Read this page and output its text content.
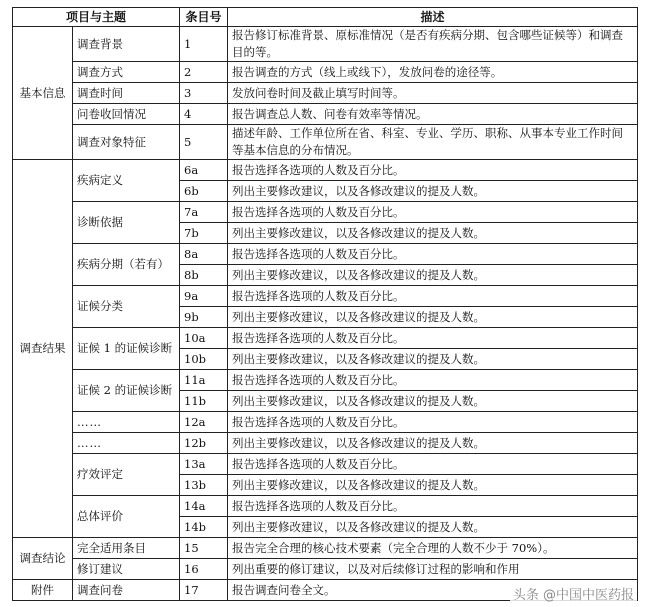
项目与主题		条目号	描述
基本信息	调查背景	1	报告修订标准背景、原标准情况（是否有疾病分期、包含哪些证候等）和调查目的等。
	调查方式	2	报告调查的方式（线上或线下），发放问卷的途径等。
	调查时间	3	发放问卷时间及截止填写时间等。
	问卷收回情况	4	报告调查总人数、问卷有效率等情况。
	调查对象特征	5	描述年龄、工作单位所在省、科室、专业、学历、职称、从事本专业工作时间等基本信息的分布情况。
调查结果	疾病定义	6a	报告选择各选项的人数及百分比。
		6b	列出主要修改建议，以及各修改建议的提及人数。
	诊断依据	7a	报告选择各选项的人数及百分比。
		7b	列出主要修改建议，以及各修改建议的提及人数。
	疾病分期（若有）	8a	报告选择各选项的人数及百分比。
		8b	列出主要修改建议，以及各修改建议的提及人数。
	证候分类	9a	报告选择各选项的人数及百分比。
		9b	列出主要修改建议，以及各修改建议的提及人数。
	证候 1 的证候诊断	10a	报告选择各选项的人数及百分比。
		10b	列出主要修改建议，以及各修改建议的提及人数。
	证候 2 的证候诊断	11a	报告选择各选项的人数及百分比。
		11b	列出主要修改建议，以及各修改建议的提及人数。
	……	12a	报告选择各选项的人数及百分比。
	……	12b	列出主要修改建议，以及各修改建议的提及人数。
	疗效评定	13a	报告选择各选项的人数及百分比。
		13b	列出主要修改建议，以及各修改建议的提及人数。
	总体评价	14a	报告选择各选项的人数及百分比。
		14b	列出主要修改建议，以及各修改建议的提及人数。
调查结论	完全适用条目	15	报告完全合理的核心技术要素（完全合理的人数不少于 70%）。
	修订建议	16	列出重要的修订建议，以及对后续修订过程的影响和作用
附件	调查问卷	17	报告调查问卷全文。	头条 @中国中医药报
